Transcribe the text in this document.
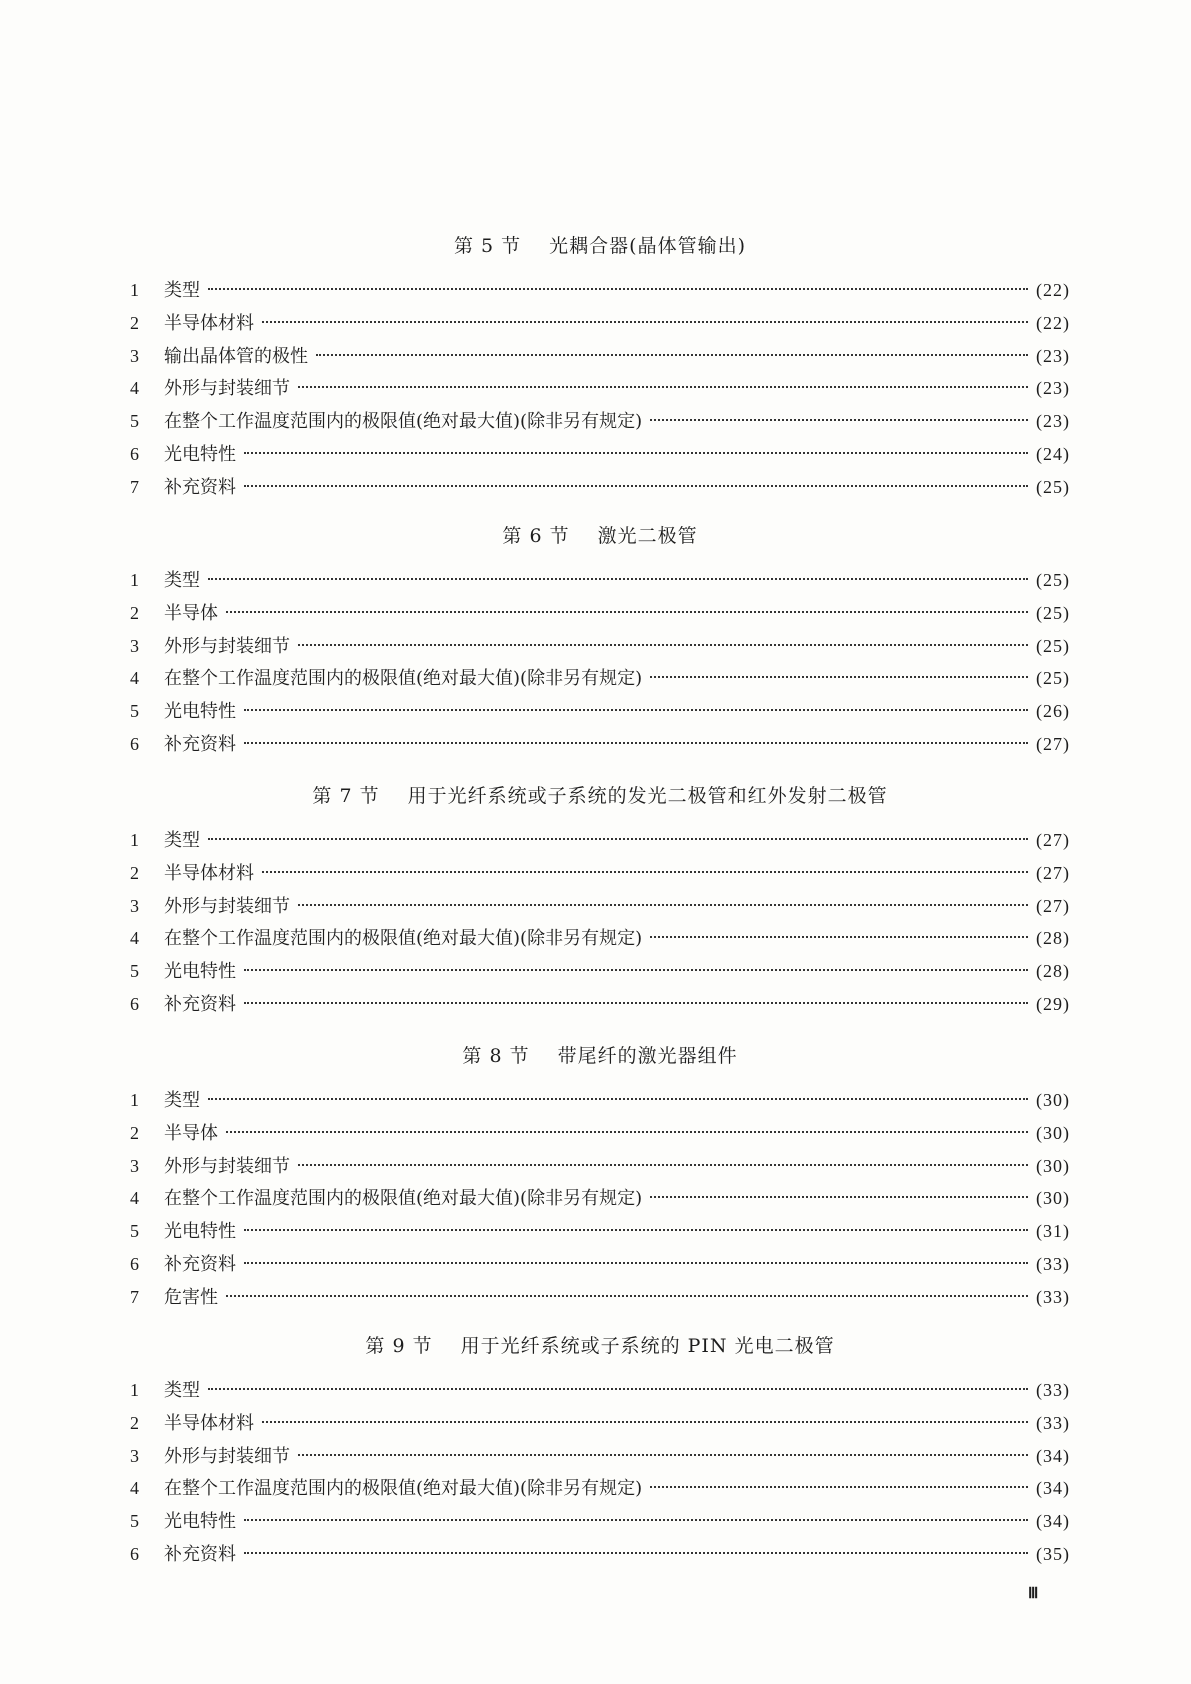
第 5 节 光耦合器(晶体管输出)
1	类型	(22)
2	半导体材料	(22)
3	输出晶体管的极性	(23)
4	外形与封装细节	(23)
5	在整个工作温度范围内的极限值(绝对最大值)(除非另有规定)	(23)
6	光电特性	(24)
7	补充资料	(25)
第 6 节 激光二极管
1	类型	(25)
2	半导体	(25)
3	外形与封装细节	(25)
4	在整个工作温度范围内的极限值(绝对最大值)(除非另有规定)	(25)
5	光电特性	(26)
6	补充资料	(27)
第 7 节 用于光纤系统或子系统的发光二极管和红外发射二极管
1	类型	(27)
2	半导体材料	(27)
3	外形与封装细节	(27)
4	在整个工作温度范围内的极限值(绝对最大值)(除非另有规定)	(28)
5	光电特性	(28)
6	补充资料	(29)
第 8 节 带尾纤的激光器组件
1	类型	(30)
2	半导体	(30)
3	外形与封装细节	(30)
4	在整个工作温度范围内的极限值(绝对最大值)(除非另有规定)	(30)
5	光电特性	(31)
6	补充资料	(33)
7	危害性	(33)
第 9 节 用于光纤系统或子系统的 PIN 光电二极管
1	类型	(33)
2	半导体材料	(33)
3	外形与封装细节	(34)
4	在整个工作温度范围内的极限值(绝对最大值)(除非另有规定)	(34)
5	光电特性	(34)
6	补充资料	(35)
Ⅲ
